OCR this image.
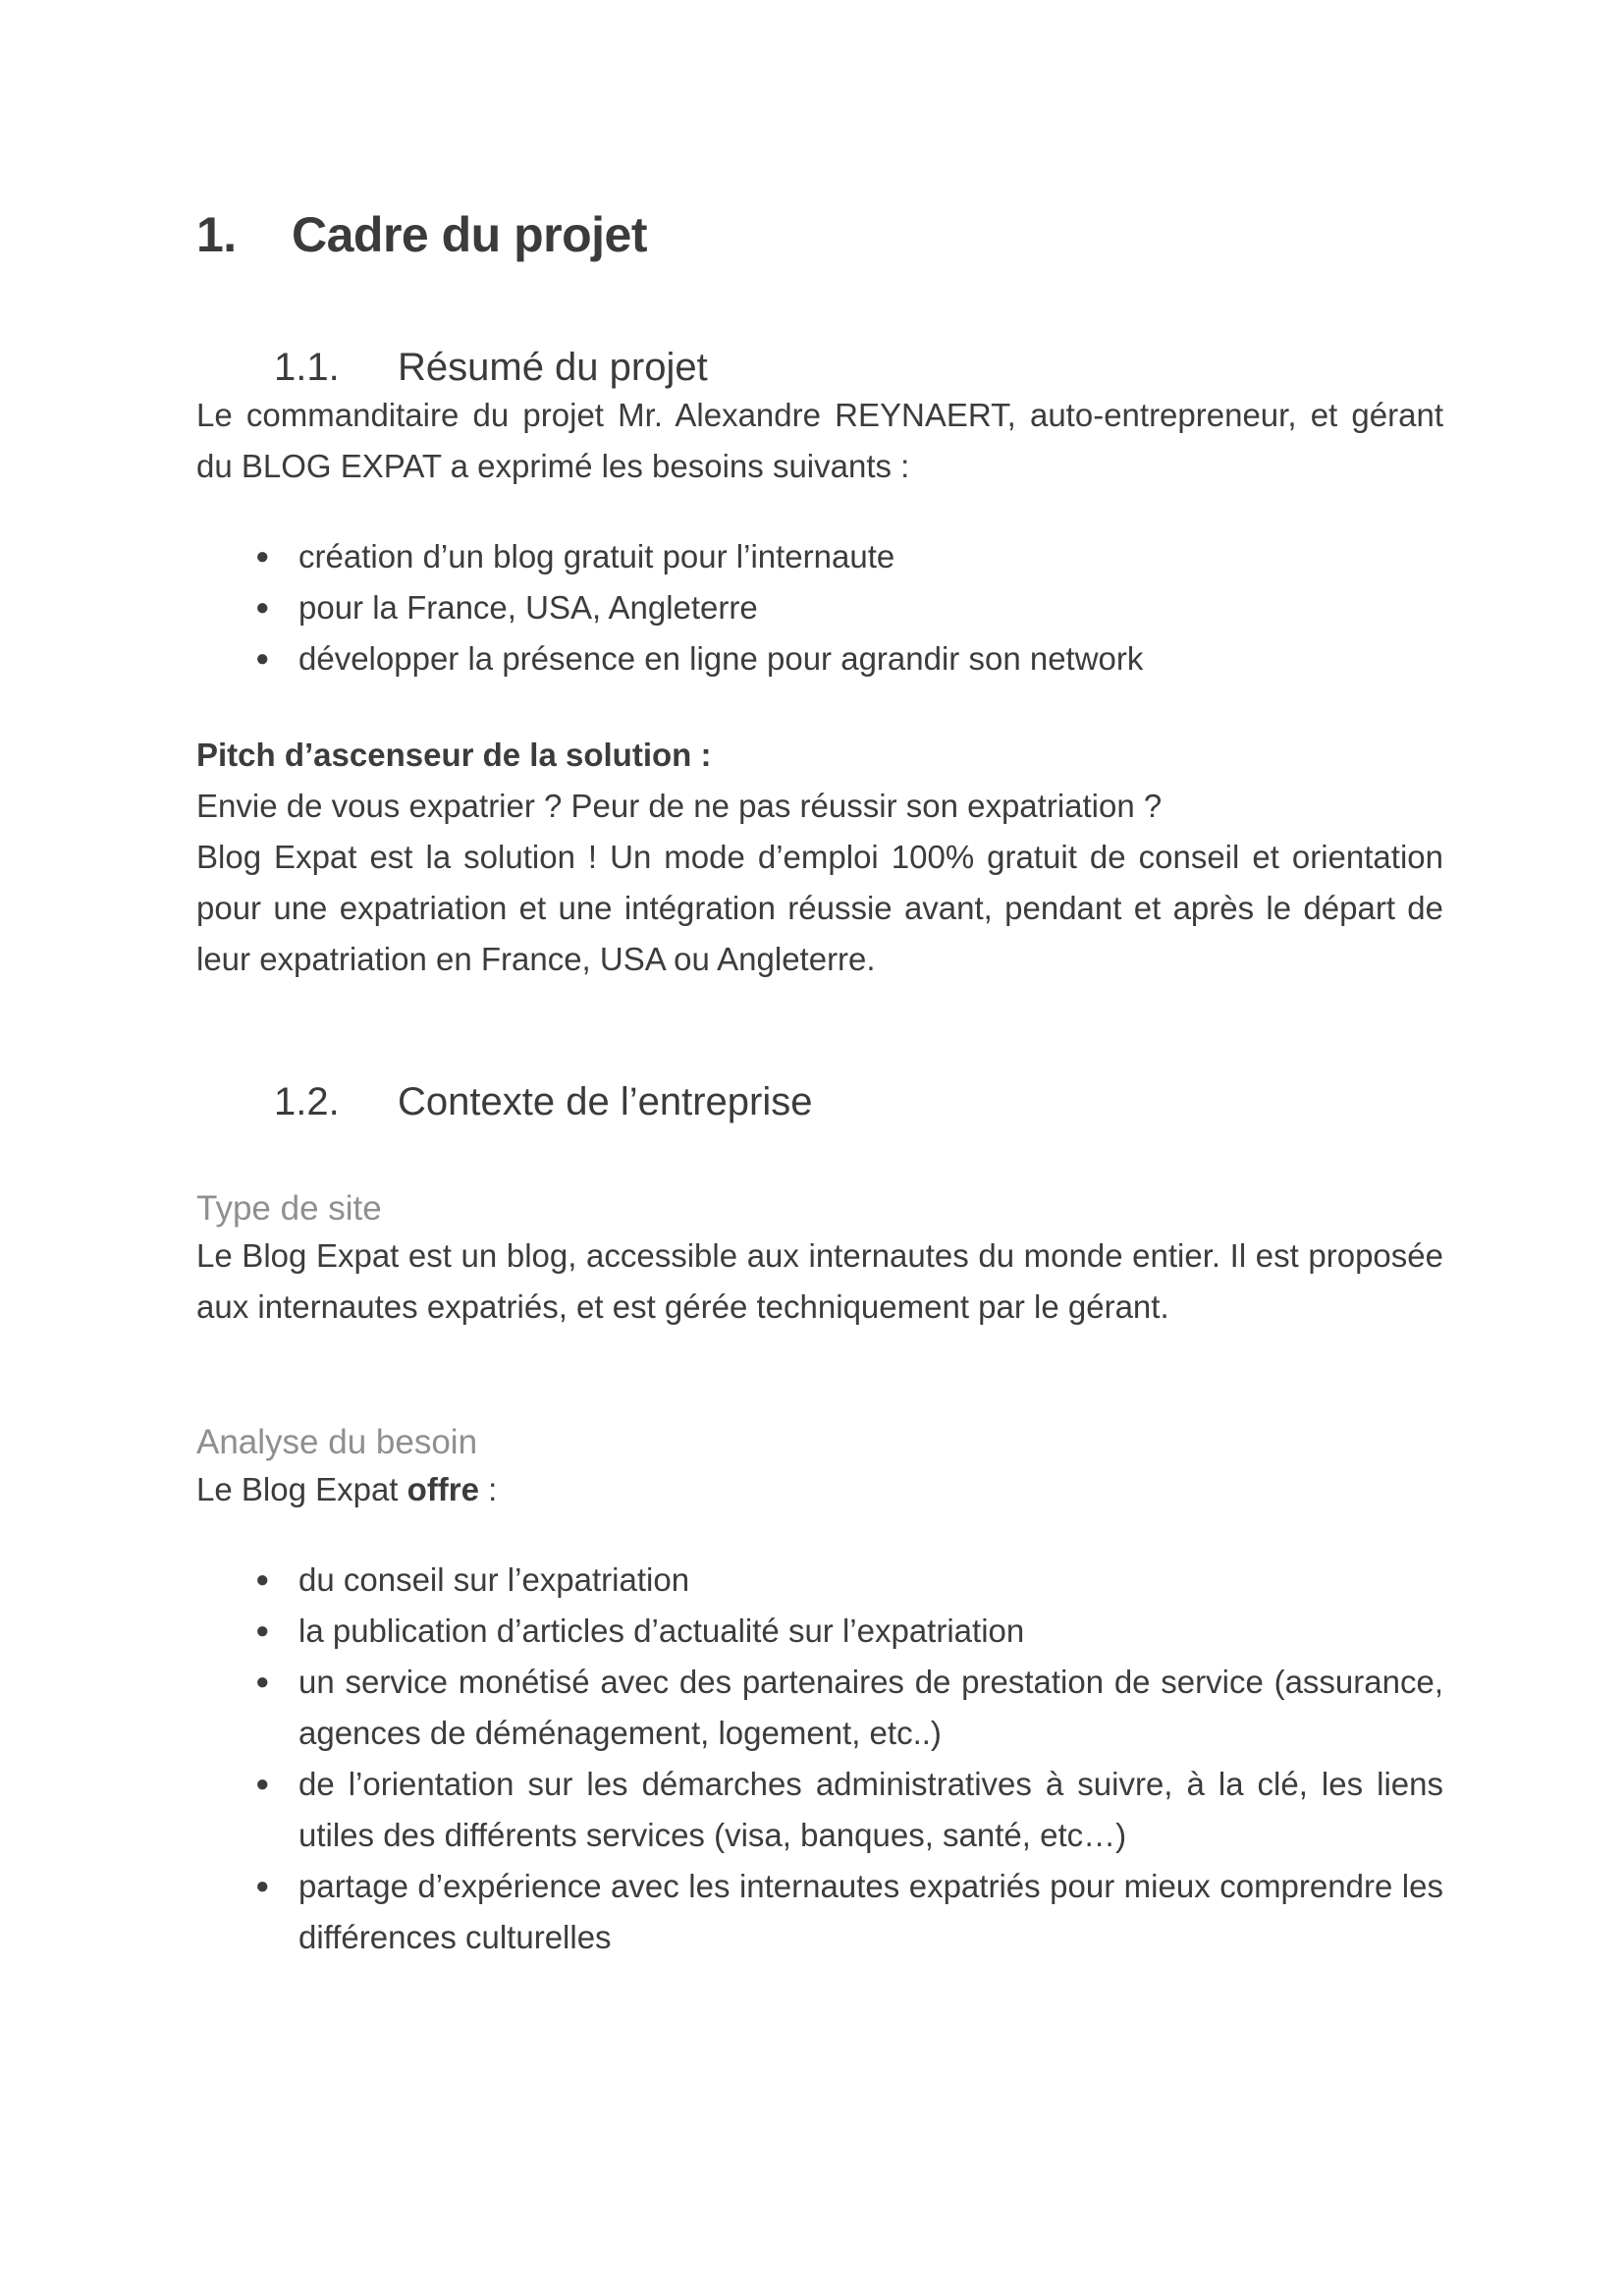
1.	Cadre du projet
1.1.	Résumé du projet

Le commanditaire du projet Mr. Alexandre REYNAERT, auto-entrepreneur, et gérant du BLOG EXPAT a exprimé les besoins suivants :

● création d’un blog gratuit pour l’internaute
● pour la France, USA, Angleterre
● développer la présence en ligne pour agrandir son network

Pitch d’ascenseur de la solution :

Envie de vous expatrier ? Peur de ne pas réussir son expatriation ?

Blog Expat est la solution ! Un mode d’emploi 100% gratuit de conseil et orientation pour une expatriation et une intégration réussie avant, pendant et après le départ de leur expatriation en France, USA ou Angleterre.

1.2.	Contexte de l’entreprise

Type de site

Le Blog Expat est un blog, accessible aux internautes du monde entier. Il est proposée aux internautes expatriés, et est gérée techniquement par le gérant.

Analyse du besoin

Le Blog Expat offre :

● du conseil sur l’expatriation
● la publication d’articles d’actualité sur l’expatriation
● un service monétisé avec des partenaires de prestation de service (assurance, agences de déménagement, logement, etc..)
● de l’orientation sur les démarches administratives à suivre, à la clé, les liens utiles des différents services (visa, banques, santé, etc…)
● partage d’expérience avec les internautes expatriés pour mieux comprendre les différences culturelles
